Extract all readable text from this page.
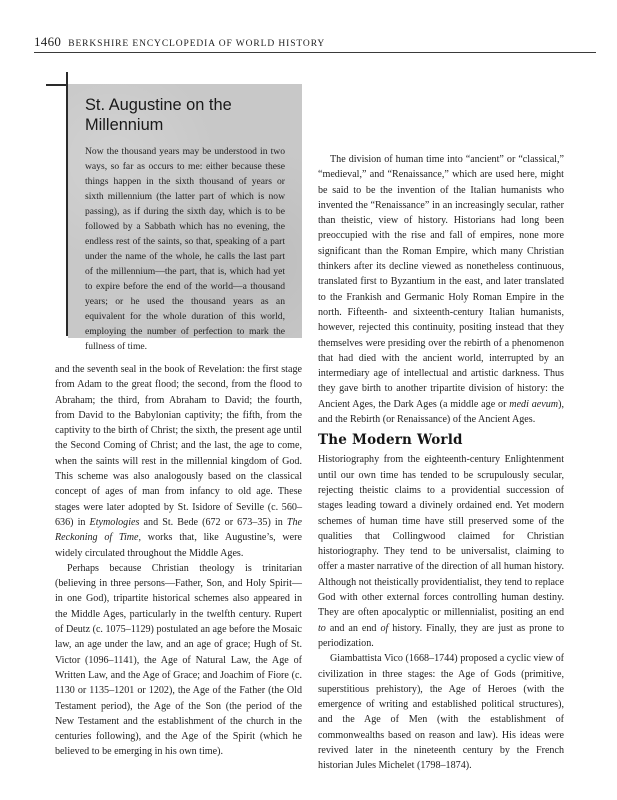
1460 BERKSHIRE ENCYCLOPEDIA OF WORLD HISTORY
St. Augustine on the
Millennium

Now the thousand years may be understood in two ways, so far as occurs to me: either because these things happen in the sixth thousand of years or sixth millennium (the latter part of which is now passing), as if during the sixth day, which is to be followed by a Sabbath which has no evening, the endless rest of the saints, so that, speaking of a part under the name of the whole, he calls the last part of the millennium—the part, that is, which had yet to expire before the end of the world—a thousand years; or he used the thousand years as an equivalent for the whole duration of this world, employing the number of perfection to mark the fullness of time.

and the seventh seal in the book of Revelation: the first stage from Adam to the great flood; the second, from the flood to Abraham; the third, from Abraham to David; the fourth, from David to the Babylonian captivity; the fifth, from the captivity to the birth of Christ; the sixth, the present age until the Second Coming of Christ; and the last, the age to come, when the saints will rest in the millennial kingdom of God. This scheme was also analogously based on the classical concept of ages of man from infancy to old age. These stages were later adopted by St. Isidore of Seville (c. 560–636) in Etymologies and St. Bede (672 or 673–35) in The Reckoning of Time, works that, like Augustine’s, were widely circulated throughout the Middle Ages.

Perhaps because Christian theology is trinitarian (believing in three persons—Father, Son, and Holy Spirit—in one God), tripartite historical schemes also appeared in the Middle Ages, particularly in the twelfth century. Rupert of Deutz (c. 1075–1129) postulated an age before the Mosaic law, an age under the law, and an age of grace; Hugh of St. Victor (1096–1141), the Age of Natural Law, the Age of Written Law, and the Age of Grace; and Joachim of Fiore (c. 1130 or 1135–1201 or 1202), the Age of the Father (the Old Testament period), the Age of the Son (the period of the New Testament and the establishment of the church in the centuries following), and the Age of the Spirit (which he believed to be emerging in his own time).

The division of human time into “ancient” or “classical,” “medieval,” and “Renaissance,” which are used here, might be said to be the invention of the Italian humanists who invented the “Renaissance” in an increasingly secular, rather than theistic, view of history. Historians had long been preoccupied with the rise and fall of empires, none more significant than the Roman Empire, which many Christian thinkers after its decline viewed as nonetheless continuous, translated first to Byzantium in the east, and later translated to the Frankish and Germanic Holy Roman Empire in the north. Fifteenth- and sixteenth-century Italian humanists, however, rejected this continuity, positing instead that they themselves were presiding over the rebirth of a phenomenon that had died with the ancient world, interrupted by an intermediary age of intellectual and artistic darkness. Thus they gave birth to another tripartite division of history: the Ancient Ages, the Dark Ages (a middle age or medi aevum), and the Rebirth (or Renaissance) of the Ancient Ages.

The Modern World

Historiography from the eighteenth-century Enlightenment until our own time has tended to be scrupulously secular, rejecting theistic claims to a providential succession of stages leading toward a divinely ordained end. Yet modern schemes of human time have still preserved some of the qualities that Collingwood claimed for Christian historiography. They tend to be universalist, claiming to offer a master narrative of the direction of all human history. Although not theistically providentialist, they tend to replace God with other external forces controlling human destiny. They are often apocalyptic or millennialist, positing an end to and an end of history. Finally, they are just as prone to periodization.

Giambattista Vico (1668–1744) proposed a cyclic view of civilization in three stages: the Age of Gods (primitive, superstitious prehistory), the Age of Heroes (with the emergence of writing and established political structures), and the Age of Men (with the establishment of commonwealths based on reason and law). His ideas were revived later in the nineteenth century by the French historian Jules Michelet (1798–1874).
